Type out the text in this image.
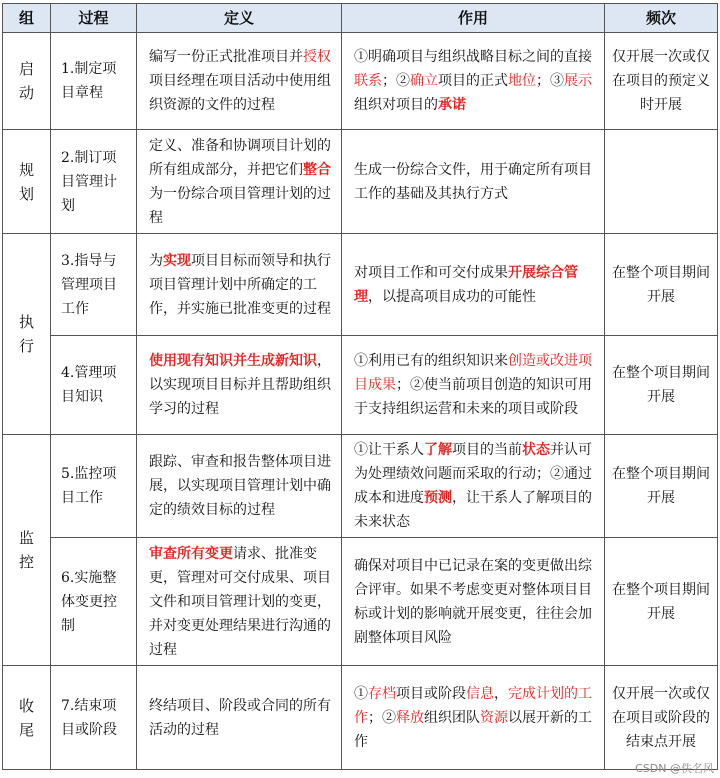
组	过程	定义	作用	频次

启
动	1.制定项目章程	编写一份正式批准项目并授权项目经理在项目活动中使用组织资源的文件的过程	①明确项目与组织战略目标之间的直接联系；②确立项目的正式地位；③展示组织对项目的承诺	仅开展一次或仅在项目的预定义时开展

规
划	2.制订项目管理计划	定义、准备和协调项目计划的所有组成部分，并把它们整合为一份综合项目管理计划的过程	生成一份综合文件，用于确定所有项目工作的基础及其执行方式	

执
行	3.指导与管理项目工作	为实现项目目标而领导和执行项目管理计划中所确定的工作，并实施已批准变更的过程	对项目工作和可交付成果开展综合管理，以提高项目成功的可能性	在整个项目期间开展
	4.管理项目知识	使用现有知识并生成新知识，以实现项目目标并且帮助组织学习的过程	①利用已有的组织知识来创造或改进项目成果；②使当前项目创造的知识可用于支持组织运营和未来的项目或阶段	在整个项目期间开展

监
控	5.监控项目工作	跟踪、审查和报告整体项目进展，以实现项目管理计划中确定的绩效目标的过程	①让干系人了解项目的当前状态并认可为处理绩效问题而采取的行动；②通过成本和进度预测，让干系人了解项目的未来状态	在整个项目期间开展
	6.实施整体变更控制	审查所有变更请求、批准变更，管理对可交付成果、项目文件和项目管理计划的变更，并对变更处理结果进行沟通的过程	确保对项目中已记录在案的变更做出综合评审。如果不考虑变更对整体项目目标或计划的影响就开展变更，往往会加剧整体项目风险	在整个项目期间开展

收
尾	7.结束项目或阶段	终结项目、阶段或合同的所有活动的过程	①存档项目或阶段信息，完成计划的工作；②释放组织团队资源以展开新的工作	仅开展一次或仅在项目或阶段的结束点开展
CSDN @佚名风
